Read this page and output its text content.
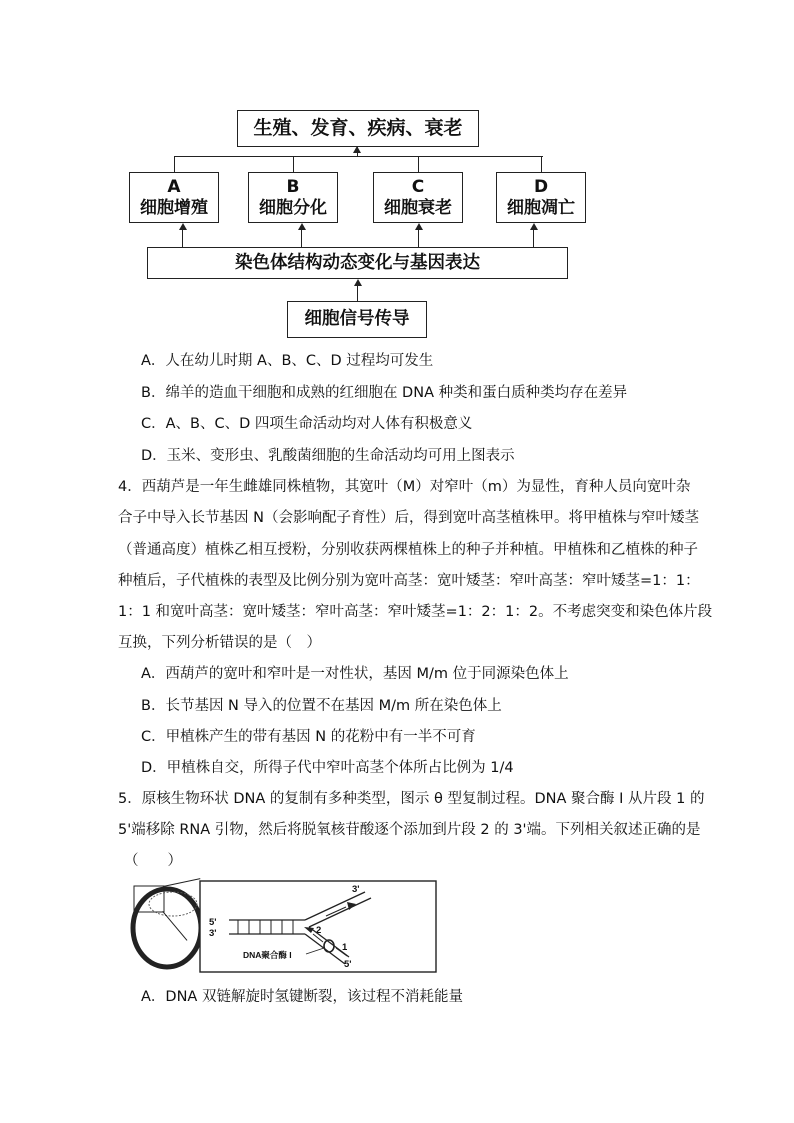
生殖、发育、疾病、衰老
A
细胞增殖
B
细胞分化
C
细胞衰老
D
细胞凋亡
染色体结构动态变化与基因表达
细胞信号传导
A．人在幼儿时期 A、B、C、D 过程均可发生
B．绵羊的造血干细胞和成熟的红细胞在 DNA 种类和蛋白质种类均存在差异
C．A、B、C、D 四项生命活动均对人体有积极意义
D．玉米、变形虫、乳酸菌细胞的生命活动均可用上图表示
4．西葫芦是一年生雌雄同株植物，其宽叶（M）对窄叶（m）为显性，育种人员向宽叶杂
合子中导入长节基因 N（会影响配子育性）后，得到宽叶高茎植株甲。将甲植株与窄叶矮茎
（普通高度）植株乙相互授粉，分别收获两棵植株上的种子并种植。甲植株和乙植株的种子
种植后，子代植株的表型及比例分别为宽叶高茎：宽叶矮茎：窄叶高茎：窄叶矮茎=1：1：
1：1 和宽叶高茎：宽叶矮茎：窄叶高茎：窄叶矮茎=1：2：1：2。不考虑突变和染色体片段
互换，下列分析错误的是（　）
A．西葫芦的宽叶和窄叶是一对性状，基因 M/m 位于同源染色体上
B．长节基因 N 导入的位置不在基因 M/m 所在染色体上
C．甲植株产生的带有基因 N 的花粉中有一半不可育
D．甲植株自交，所得子代中窄叶高茎个体所占比例为 1/4
5．原核生物环状 DNA 的复制有多种类型，图示 θ 型复制过程。DNA 聚合酶 I 从片段 1 的
5'端移除 RNA 引物，然后将脱氧核苷酸逐个添加到片段 2 的 3'端。下列相关叙述正确的是
（　　）
3'
5'
3'	2
1
DNA聚合酶 I
5'
A．DNA 双链解旋时氢键断裂，该过程不消耗能量
